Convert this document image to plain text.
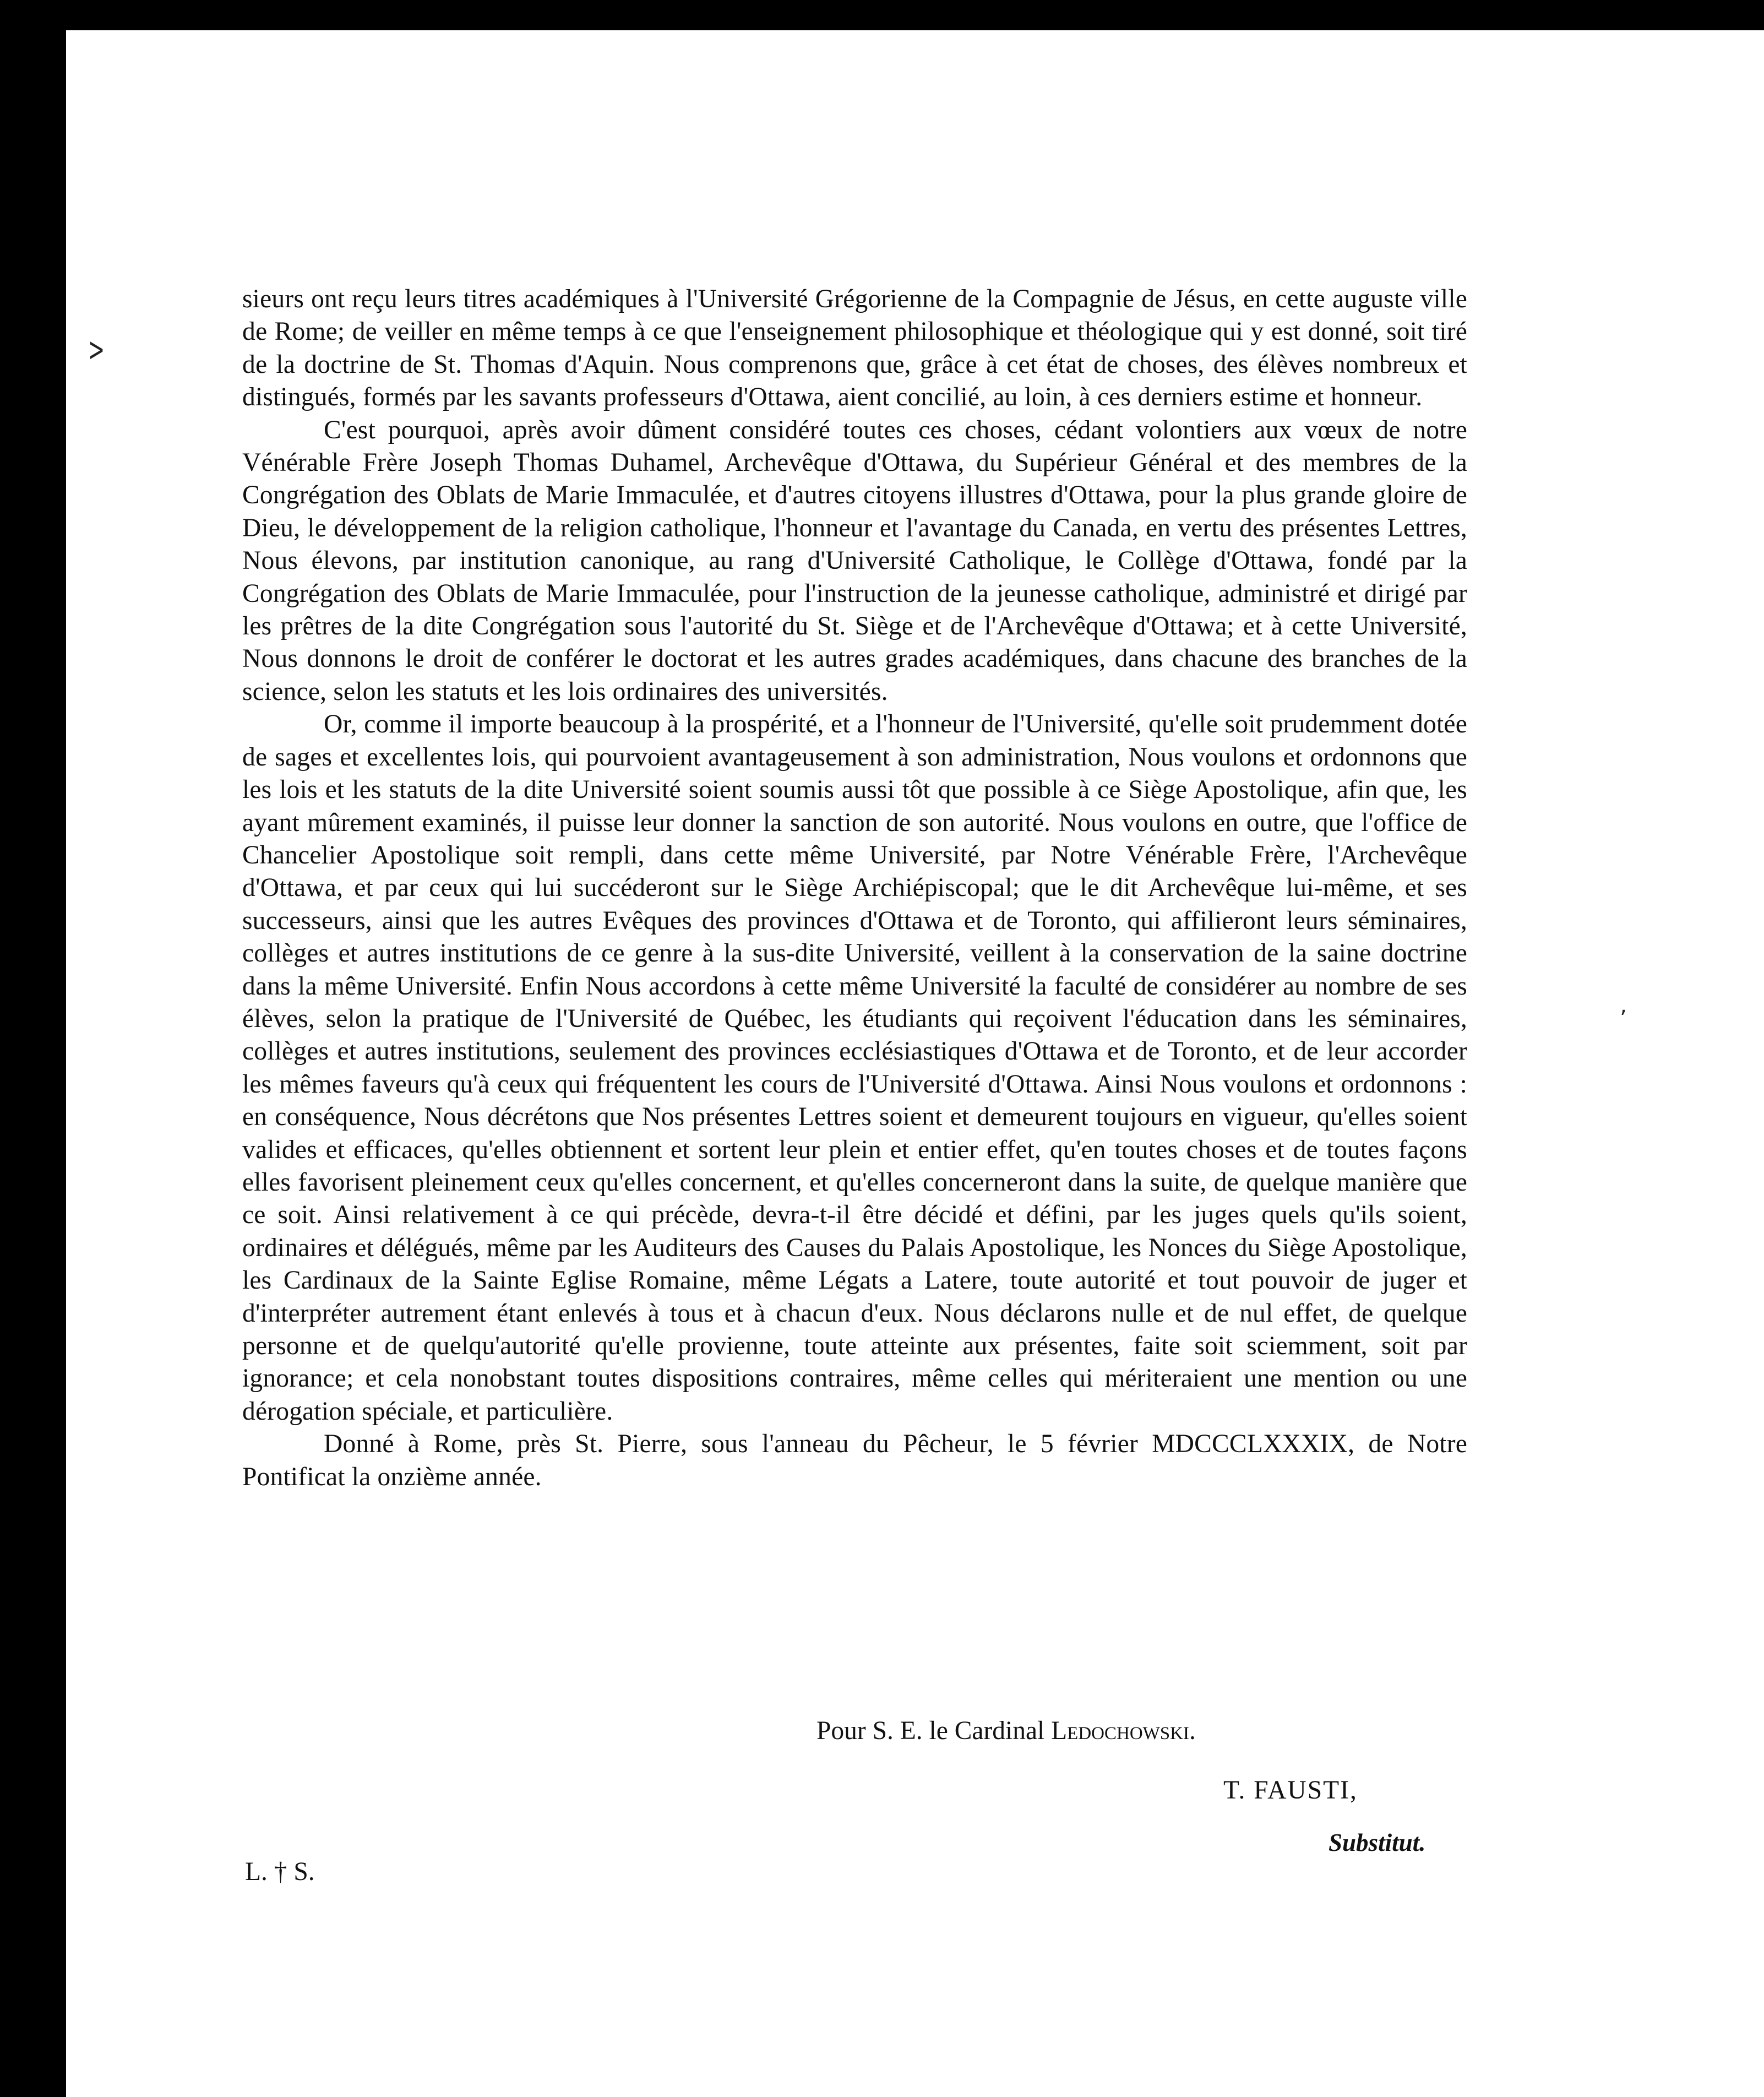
>
’

sieurs ont reçu leurs titres académiques à l'Université Grégorienne de la Compagnie de Jésus, en cette auguste ville de Rome; de veiller en même temps à ce que l'enseignement philosophique et théologique qui y est donné, soit tiré de la doctrine de St. Thomas d'Aquin. Nous comprenons que, grâce à cet état de choses, des élèves nombreux et distingués, formés par les savants professeurs d'Ottawa, aient concilié, au loin, à ces derniers estime et honneur.

C'est pourquoi, après avoir dûment considéré toutes ces choses, cédant volontiers aux vœux de notre Vénérable Frère Joseph Thomas Duhamel, Archevêque d'Ottawa, du Supérieur Général et des membres de la Congrégation des Oblats de Marie Immaculée, et d'autres citoyens illustres d'Ottawa, pour la plus grande gloire de Dieu, le développement de la religion catholique, l'honneur et l'avantage du Canada, en vertu des présentes Lettres, Nous élevons, par institution canonique, au rang d'Université Catholique, le Collège d'Ottawa, fondé par la Congrégation des Oblats de Marie Immaculée, pour l'instruction de la jeunesse catholique, administré et dirigé par les prêtres de la dite Congrégation sous l'autorité du St. Siège et de l'Archevêque d'Ottawa; et à cette Université, Nous donnons le droit de conférer le doctorat et les autres grades académiques, dans chacune des branches de la science, selon les statuts et les lois ordinaires des universités.

Or, comme il importe beaucoup à la prospérité, et a l'honneur de l'Université, qu'elle soit prudemment dotée de sages et excellentes lois, qui pourvoient avantageusement à son administration, Nous voulons et ordonnons que les lois et les statuts de la dite Université soient soumis aussi tôt que possible à ce Siège Apostolique, afin que, les ayant mûrement examinés, il puisse leur donner la sanction de son autorité. Nous voulons en outre, que l'office de Chancelier Apostolique soit rempli, dans cette même Université, par Notre Vénérable Frère, l'Archevêque d'Ottawa, et par ceux qui lui succéderont sur le Siège Archiépiscopal; que le dit Archevêque lui-même, et ses successeurs, ainsi que les autres Evêques des provinces d'Ottawa et de Toronto, qui affilieront leurs séminaires, collèges et autres institutions de ce genre à la sus-dite Université, veillent à la conservation de la saine doctrine dans la même Université. Enfin Nous accordons à cette même Université la faculté de considérer au nombre de ses élèves, selon la pratique de l'Université de Québec, les étudiants qui reçoivent l'éducation dans les séminaires, collèges et autres institutions, seulement des provinces ecclésiastiques d'Ottawa et de Toronto, et de leur accorder les mêmes faveurs qu'à ceux qui fréquentent les cours de l'Université d'Ottawa. Ainsi Nous voulons et ordonnons : en conséquence, Nous décrétons que Nos présentes Lettres soient et demeurent toujours en vigueur, qu'elles soient valides et efficaces, qu'elles obtiennent et sortent leur plein et entier effet, qu'en toutes choses et de toutes façons elles favorisent pleinement ceux qu'elles concernent, et qu'elles concerneront dans la suite, de quelque manière que ce soit. Ainsi relativement à ce qui précède, devra-t-il être décidé et défini, par les juges quels qu'ils soient, ordinaires et délégués, même par les Auditeurs des Causes du Palais Apostolique, les Nonces du Siège Apostolique, les Cardinaux de la Sainte Eglise Romaine, même Légats a Latere, toute autorité et tout pouvoir de juger et d'interpréter autrement étant enlevés à tous et à chacun d'eux. Nous déclarons nulle et de nul effet, de quelque personne et de quelqu'autorité qu'elle provienne, toute atteinte aux présentes, faite soit sciemment, soit par ignorance; et cela nonobstant toutes dispositions contraires, même celles qui mériteraient une mention ou une dérogation spéciale, et particulière.

Donné à Rome, près St. Pierre, sous l'anneau du Pêcheur, le 5 février MDCCCLXXXIX, de Notre Pontificat la onzième année.

Pour S. E. le Cardinal Ledochowski.
T. FAUSTI,
Substitut.
L. † S.
